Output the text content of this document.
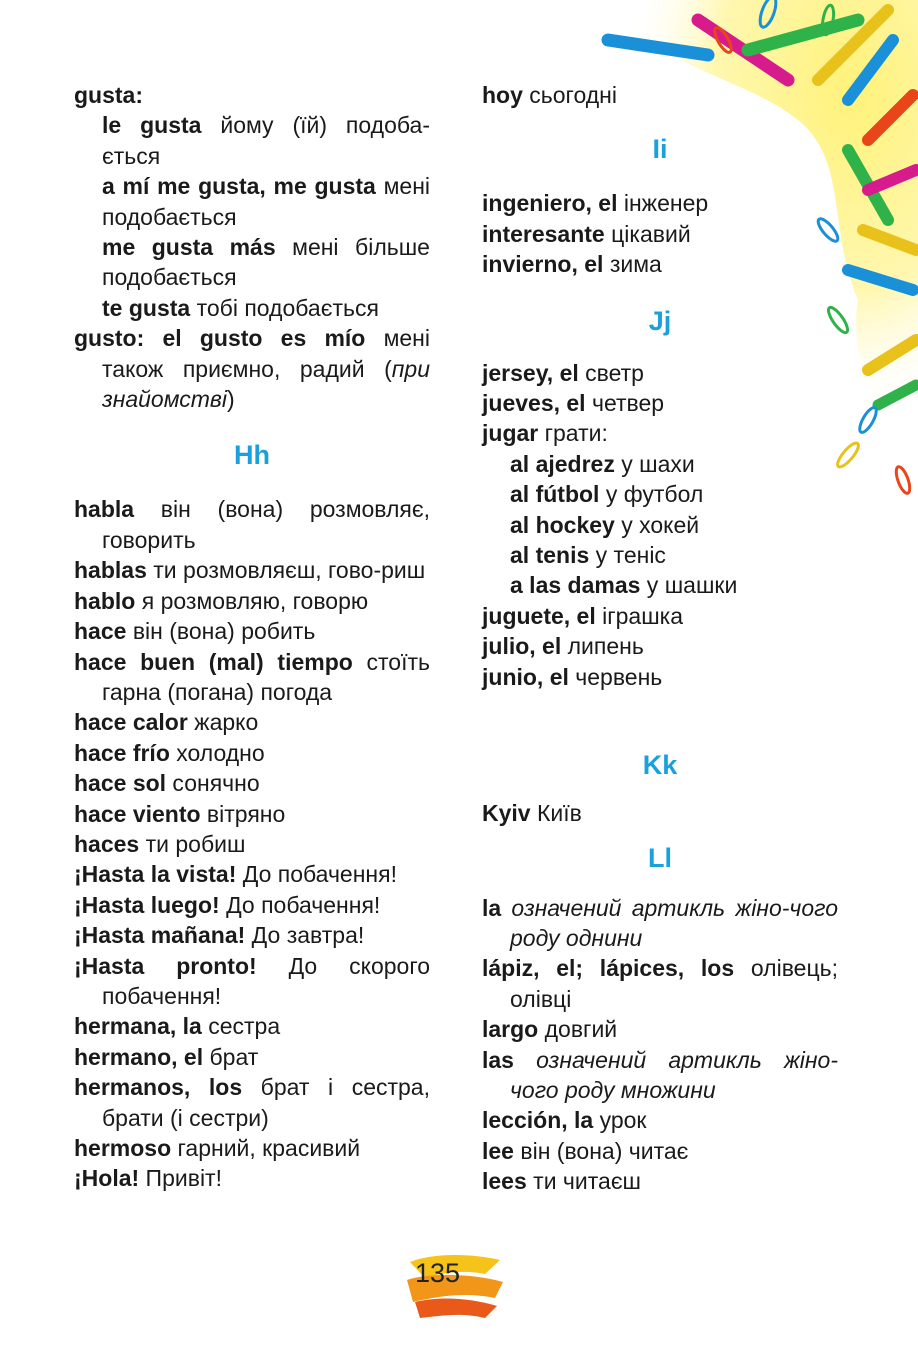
gusta:
le gusta йому (їй) подоба-ється
a mí me gusta, me gusta мені подобається
me gusta más мені більше подобається
te gusta тобі подобається
gusto: el gusto es mío мені також приємно, радий (при знайомстві)
Hh
habla він (вона) розмовляє, говорить
hablas ти розмовляєш, гово-риш
hablo я розмовляю, говорю
hace він (вона) робить
hace buen (mal) tiempo стоїть гарна (погана) погода
hace calor жарко
hace frío холодно
hace sol сонячно
hace viento вітряно
haces ти робиш
¡Hasta la vista! До побачення!
¡Hasta luego! До побачення!
¡Hasta mañana! До завтра!
¡Hasta pronto! До скорого побачення!
hermana, la сестра
hermano, el брат
hermanos, los брат і сестра, брати (і сестри)
hermoso гарний, красивий
¡Hola! Привіт!
hoy сьогодні
Ii
ingeniero, el інженер
interesante цікавий
invierno, el зима
Jj
jersey, el светр
jueves, el четвер
jugar грати:
al ajedrez у шахи
al fútbol у футбол
al hockey у хокей
al tenis у теніс
a las damas у шашки
juguete, el іграшка
julio, el липень
junio, el червень
Kk
Kyiv Київ
Ll
la означений артикль жіно-чого роду однини
lápiz, el; lápices, los олівець; олівці
largo довгий
las означений артикль жіно-чого роду множини
lección, la урок
lee він (вона) читає
lees ти читаєш
135
